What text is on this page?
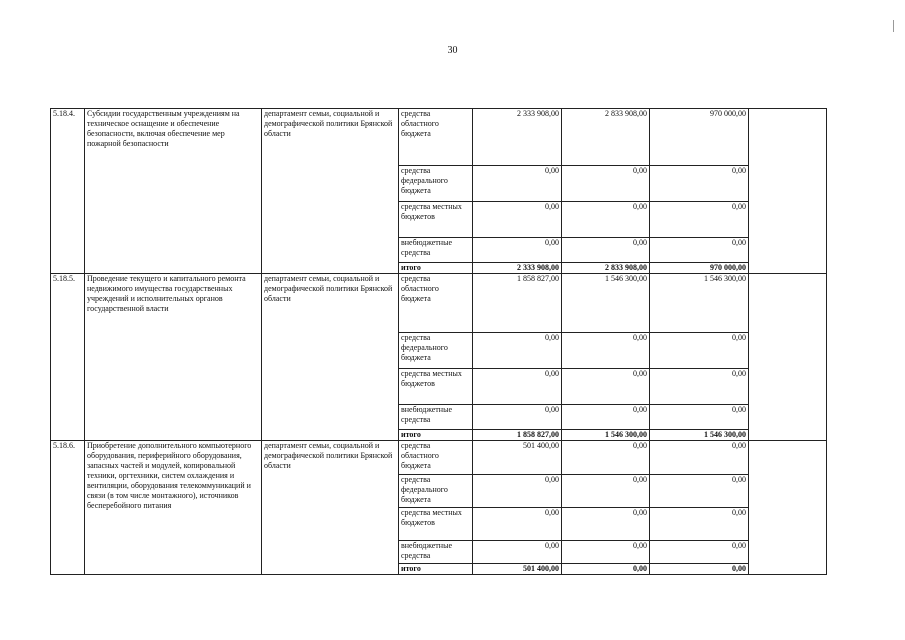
30
5.18.4.	Субсидии государственным учреждениям на техническое оснащение и обеспечение безопасности, включая обеспечение мер пожарной безопасности	департамент семьи, социальной и демографической политики Брянской области	средства областного бюджета	2 333 908,00	2 833 908,00	970 000,00	
			средства федерального бюджета	0,00	0,00	0,00	
			средства местных бюджетов	0,00	0,00	0,00	
			внебюджетные средства	0,00	0,00	0,00	
			итого	2 333 908,00	2 833 908,00	970 000,00	
5.18.5.	Проведение текущего и капитального ремонта недвижимого имущества государственных учреждений и исполнительных органов государственной власти	департамент семьи, социальной и демографической политики Брянской области	средства областного бюджета	1 858 827,00	1 546 300,00	1 546 300,00	
			средства федерального бюджета	0,00	0,00	0,00	
			средства местных бюджетов	0,00	0,00	0,00	
			внебюджетные средства	0,00	0,00	0,00	
			итого	1 858 827,00	1 546 300,00	1 546 300,00	
5.18.6.	Приобретение дополнительного компьютерного оборудования, периферийного оборудования, запасных частей и модулей, копировальной техники, оргтехники, систем охлаждения и вентиляции, оборудования телекоммуникаций и связи (в том числе монтажного), источников бесперебойного питания	департамент семьи, социальной и демографической политики Брянской области	средства областного бюджета	501 400,00	0,00	0,00	
			средства федерального бюджета	0,00	0,00	0,00	
			средства местных бюджетов	0,00	0,00	0,00	
			внебюджетные средства	0,00	0,00	0,00	
			итого	501 400,00	0,00	0,00	
